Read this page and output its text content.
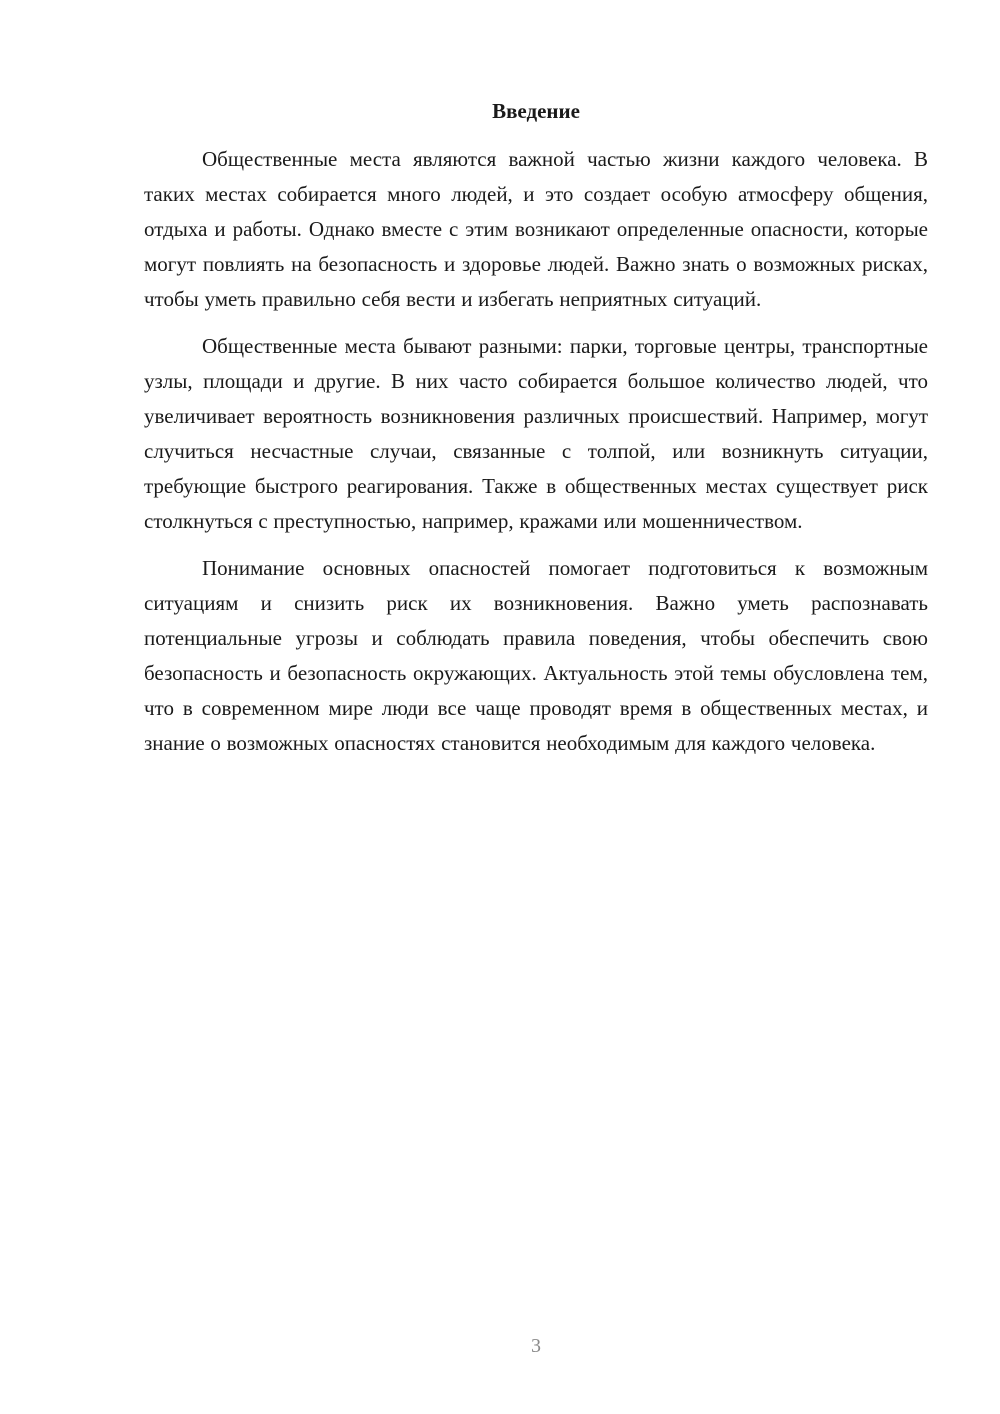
Введение

Общественные места являются важной частью жизни каждого человека. В таких местах собирается много людей, и это создает особую атмосферу общения, отдыха и работы. Однако вместе с этим возникают определенные опасности, которые могут повлиять на безопасность и здоровье людей. Важно знать о возможных рисках, чтобы уметь правильно себя вести и избегать неприятных ситуаций.

Общественные места бывают разными: парки, торговые центры, транспортные узлы, площади и другие. В них часто собирается большое количество людей, что увеличивает вероятность возникновения различных происшествий. Например, могут случиться несчастные случаи, связанные с толпой, или возникнуть ситуации, требующие быстрого реагирования. Также в общественных местах существует риск столкнуться с преступностью, например, кражами или мошенничеством.

Понимание основных опасностей помогает подготовиться к возможным ситуациям и снизить риск их возникновения. Важно уметь распознавать потенциальные угрозы и соблюдать правила поведения, чтобы обеспечить свою безопасность и безопасность окружающих. Актуальность этой темы обусловлена тем, что в современном мире люди все чаще проводят время в общественных местах, и знание о возможных опасностях становится необходимым для каждого человека.

3
